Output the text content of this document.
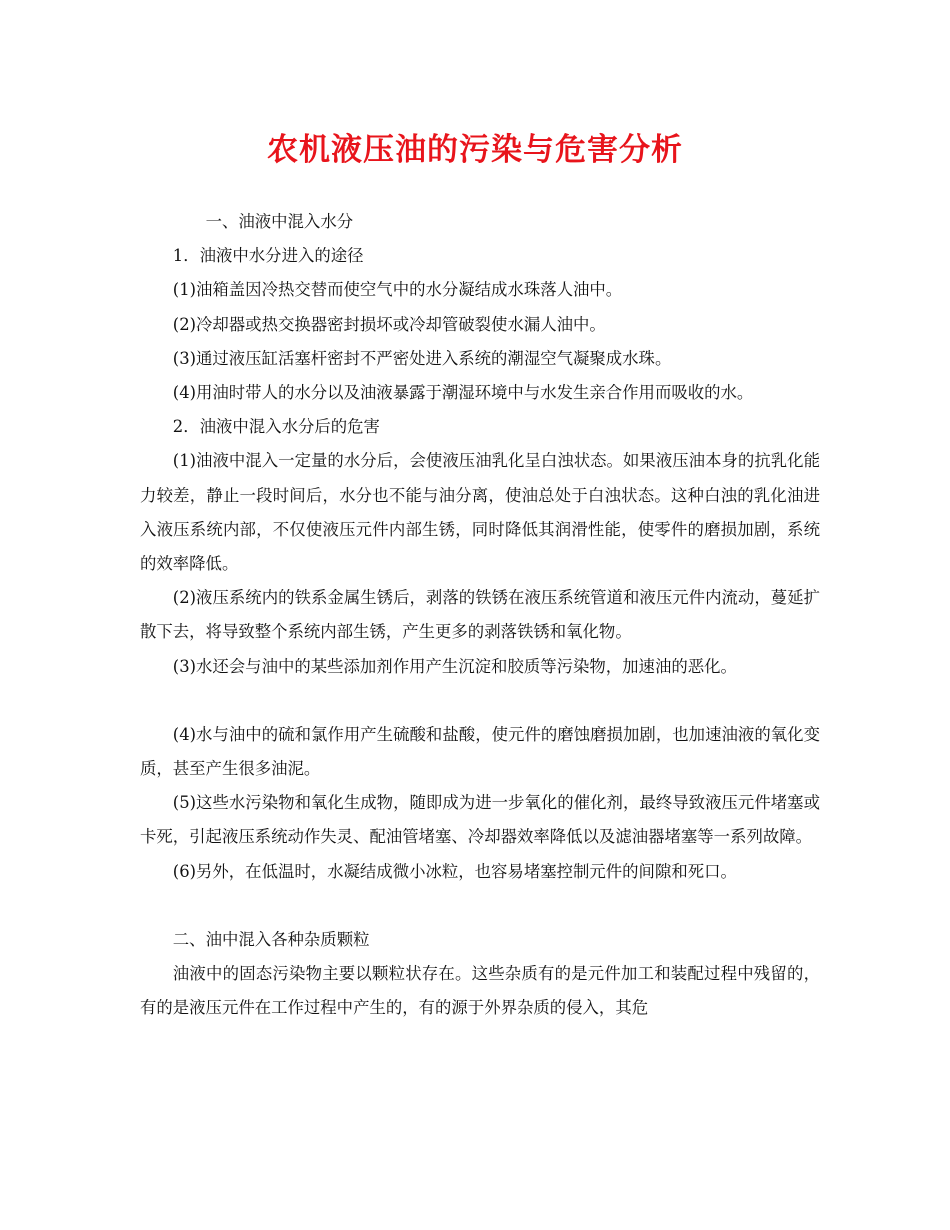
农机液压油的污染与危害分析

一、油液中混入水分

1．油液中水分进入的途径

(1)油箱盖因冷热交替而使空气中的水分凝结成水珠落人油中。

(2)冷却器或热交换器密封损坏或冷却管破裂使水漏人油中。

(3)通过液压缸活塞杆密封不严密处进入系统的潮湿空气凝聚成水珠。

(4)用油时带人的水分以及油液暴露于潮湿环境中与水发生亲合作用而吸收的水。

2．油液中混入水分后的危害

(1)油液中混入一定量的水分后，会使液压油乳化呈白浊状态。如果液压油本身的抗乳化能力较差，静止一段时间后，水分也不能与油分离，使油总处于白浊状态。这种白浊的乳化油进入液压系统内部，不仅使液压元件内部生锈，同时降低其润滑性能，使零件的磨损加剧，系统的效率降低。

(2)液压系统内的铁系金属生锈后，剥落的铁锈在液压系统管道和液压元件内流动，蔓延扩散下去，将导致整个系统内部生锈，产生更多的剥落铁锈和氧化物。

(3)水还会与油中的某些添加剂作用产生沉淀和胶质等污染物，加速油的恶化。

(4)水与油中的硫和氯作用产生硫酸和盐酸，使元件的磨蚀磨损加剧，也加速油液的氧化变质，甚至产生很多油泥。

(5)这些水污染物和氧化生成物，随即成为进一步氧化的催化剂，最终导致液压元件堵塞或卡死，引起液压系统动作失灵、配油管堵塞、冷却器效率降低以及滤油器堵塞等一系列故障。

(6)另外，在低温时，水凝结成微小冰粒，也容易堵塞控制元件的间隙和死口。

二、油中混入各种杂质颗粒

油液中的固态污染物主要以颗粒状存在。这些杂质有的是元件加工和装配过程中残留的，有的是液压元件在工作过程中产生的，有的源于外界杂质的侵入，其危
